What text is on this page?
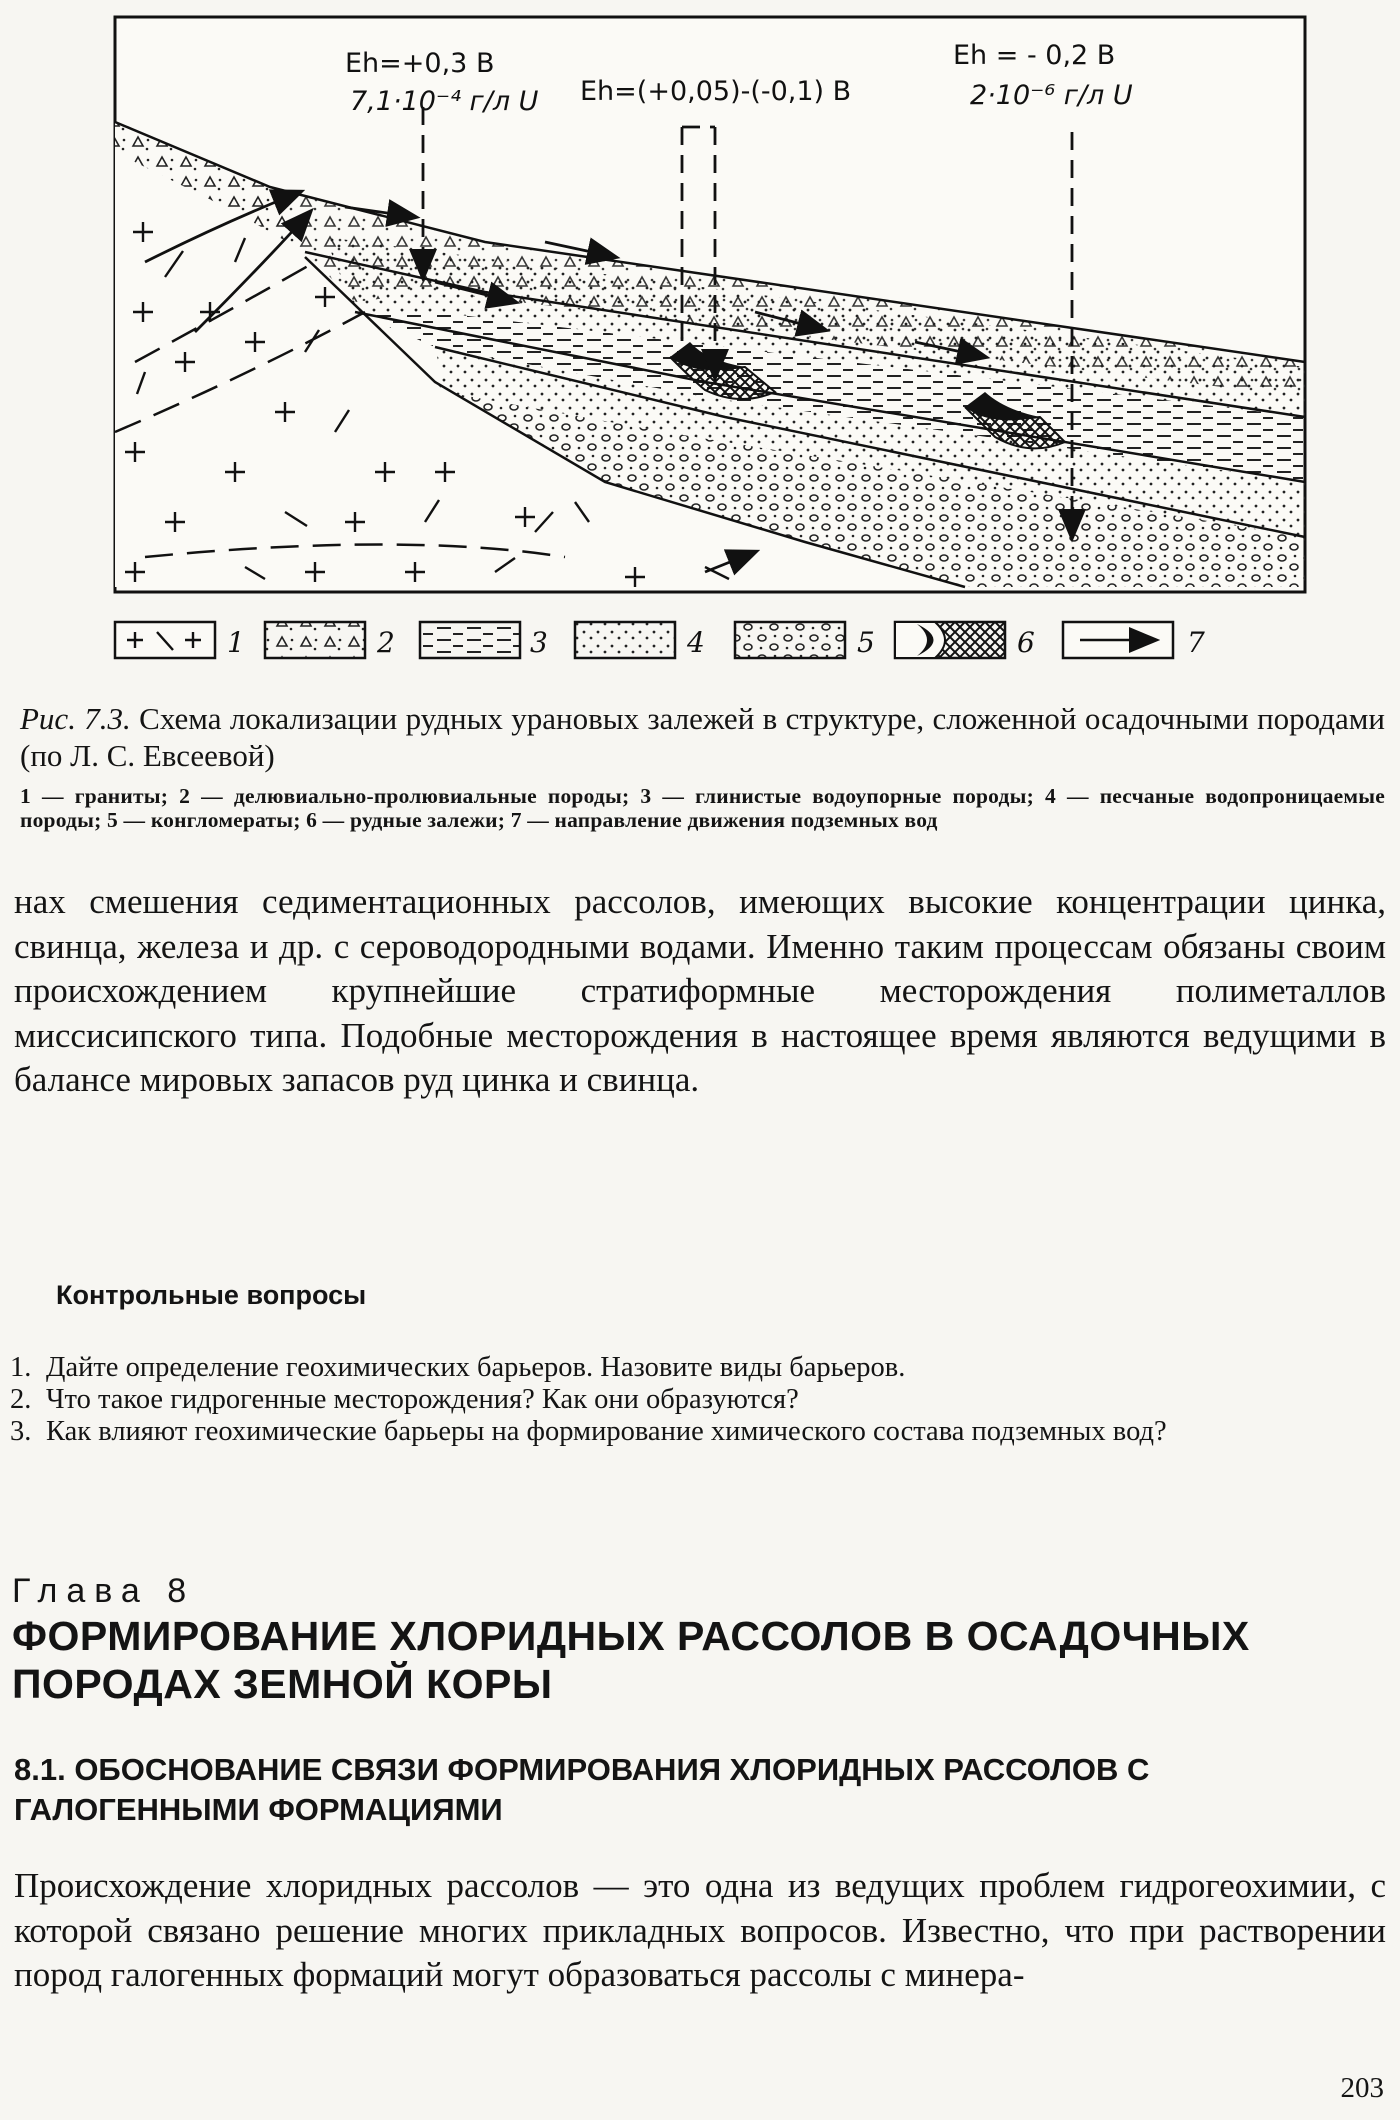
Eh=+0,3 В
7,1·10⁻⁴ г/л U Eh=(+0,05)-(-0,1) В
Eh = - 0,2 В
2·10⁻⁶ г/л U
1	2	3	4	5	6	7
Рис. 7.3. Схема локализации рудных урановых залежей в структуре, сложенной осадочными породами (по Л. С. Евсеевой)
1 — граниты; 2 — делювиально-пролювиальные породы; 3 — глинистые водоупорные породы; 4 — песчаные водопроницаемые породы; 5 — конгломераты; 6 — рудные залежи; 7 — направление движения подземных вод

нах смешения седиментационных рассолов, имеющих высокие концентрации цинка, свинца, железа и др. с сероводородными водами. Именно таким процессам обязаны своим происхождением крупнейшие стратиформные месторождения полиметаллов миссисипского типа. Подобные месторождения в настоящее время являются ведущими в балансе мировых запасов руд цинка и свинца.

Контрольные вопросы
1. Дайте определение геохимических барьеров. Назовите виды барьеров.
2. Что такое гидрогенные месторождения? Как они образуются?
3. Как влияют геохимические барьеры на формирование химического состава подземных вод?
Глава 8
ФОРМИРОВАНИЕ ХЛОРИДНЫХ РАССОЛОВ В ОСАДОЧНЫХ ПОРОДАХ ЗЕМНОЙ КОРЫ
8.1. ОБОСНОВАНИЕ СВЯЗИ ФОРМИРОВАНИЯ ХЛОРИДНЫХ РАССОЛОВ С ГАЛОГЕННЫМИ ФОРМАЦИЯМИ

Происхождение хлоридных рассолов — это одна из ведущих проблем гидрогеохимии, с которой связано решение многих прикладных вопросов. Известно, что при растворении пород галогенных формаций могут образоваться рассолы с минера-

203
